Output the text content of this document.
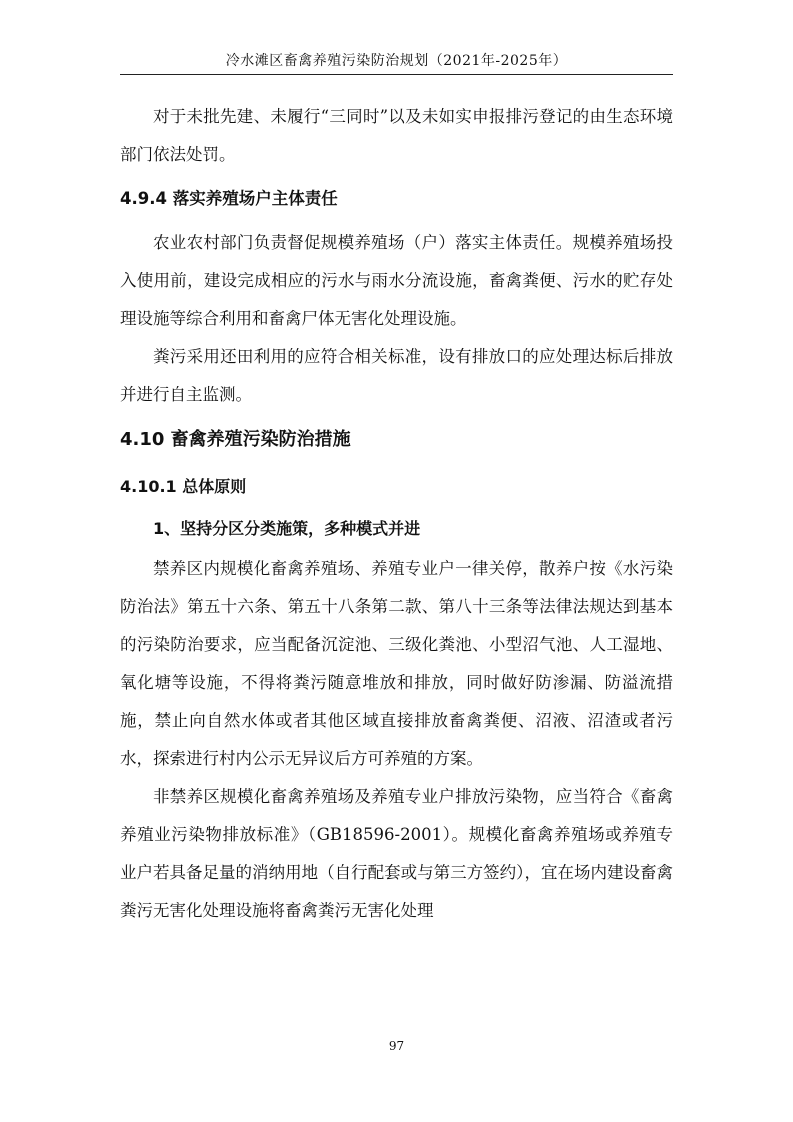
冷水滩区畜禽养殖污染防治规划（2021年-2025年）

对于未批先建、未履行“三同时”以及未如实申报排污登记的由生态环境部门依法处罚。

4.9.4 落实养殖场户主体责任

农业农村部门负责督促规模养殖场（户）落实主体责任。规模养殖场投入使用前，建设完成相应的污水与雨水分流设施，畜禽粪便、污水的贮存处理设施等综合利用和畜禽尸体无害化处理设施。

粪污采用还田利用的应符合相关标准，设有排放口的应处理达标后排放并进行自主监测。

4.10 畜禽养殖污染防治措施
4.10.1 总体原则

1、坚持分区分类施策，多种模式并进

禁养区内规模化畜禽养殖场、养殖专业户一律关停，散养户按《水污染防治法》第五十六条、第五十八条第二款、第八十三条等法律法规达到基本的污染防治要求，应当配备沉淀池、三级化粪池、小型沼气池、人工湿地、氧化塘等设施，不得将粪污随意堆放和排放，同时做好防渗漏、防溢流措施，禁止向自然水体或者其他区域直接排放畜禽粪便、沼液、沼渣或者污水，探索进行村内公示无异议后方可养殖的方案。

非禁养区规模化畜禽养殖场及养殖专业户排放污染物，应当符合《畜禽养殖业污染物排放标准》（GB18596-2001）。规模化畜禽养殖场或养殖专业户若具备足量的消纳用地（自行配套或与第三方签约），宜在场内建设畜禽粪污无害化处理设施将畜禽粪污无害化处理

97
